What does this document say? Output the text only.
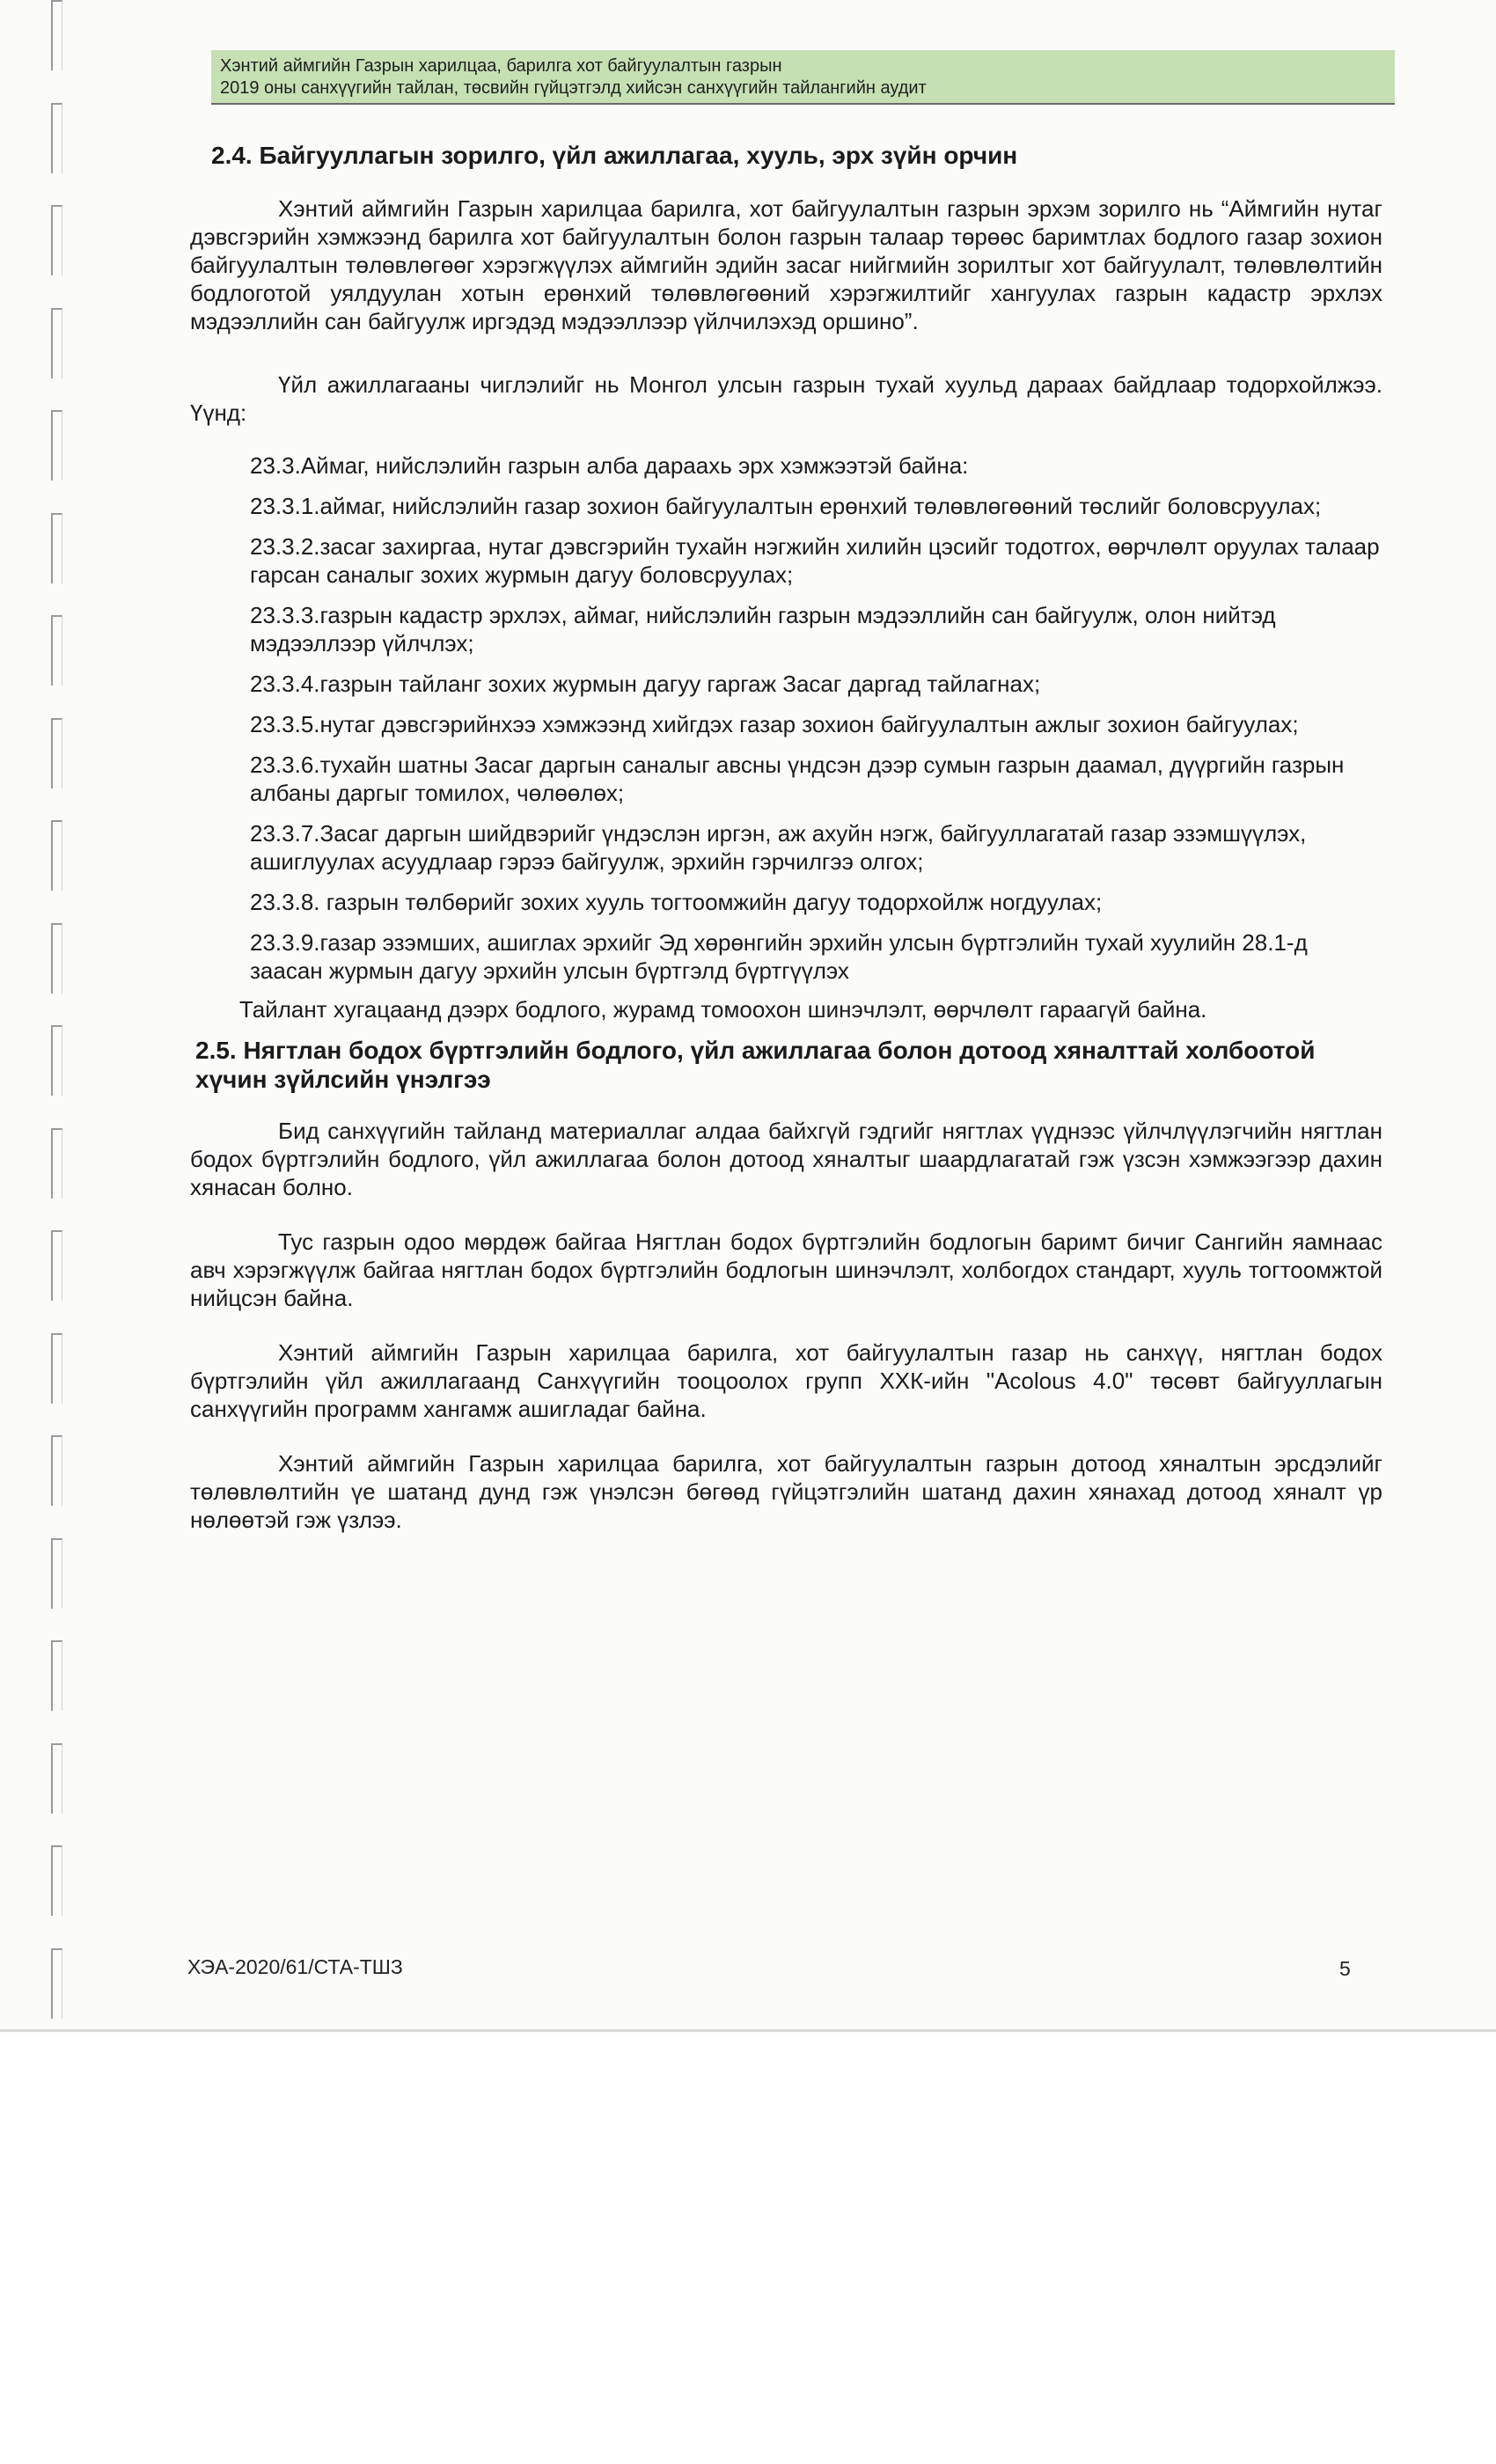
Хэнтий аймгийн Газрын харилцаа, барилга хот байгуулалтын газрын
2019 оны санхүүгийн тайлан, төсвийн гүйцэтгэлд хийсэн санхүүгийн тайлангийн аудит
2.4. Байгууллагын зорилго, үйл ажиллагаа, хууль, эрх зүйн орчин

Хэнтий аймгийн Газрын харилцаа барилга, хот байгуулалтын газрын эрхэм зорилго нь “Аймгийн нутаг дэвсгэрийн хэмжээнд барилга хот байгуулалтын болон газрын талаар төрөөс баримтлах бодлого газар зохион байгуулалтын төлөвлөгөөг хэрэгжүүлэх аймгийн эдийн засаг нийгмийн зорилтыг хот байгуулалт, төлөвлөлтийн бодлоготой уялдуулан хотын ерөнхий төлөвлөгөөний хэрэгжилтийг хангуулах газрын кадастр эрхлэх мэдээллийн сан байгуулж иргэдэд мэдээллээр үйлчилэхэд оршино”.

Үйл ажиллагааны чиглэлийг нь Монгол улсын газрын тухай хуульд дараах байдлаар тодорхойлжээ. Үүнд:

23.3.Аймаг, нийслэлийн газрын алба дараахь эрх хэмжээтэй байна:

23.3.1.аймаг, нийслэлийн газар зохион байгуулалтын ерөнхий төлөвлөгөөний төслийг боловсруулах;

23.3.2.засаг захиргаа, нутаг дэвсгэрийн тухайн нэгжийн хилийн цэсийг тодотгох, өөрчлөлт оруулах талаар гарсан саналыг зохих журмын дагуу боловсруулах;

23.3.3.газрын кадастр эрхлэх, аймаг, нийслэлийн газрын мэдээллийн сан байгуулж, олон нийтэд мэдээллээр үйлчлэх;

23.3.4.газрын тайланг зохих журмын дагуу гаргаж Засаг даргад тайлагнах;

23.3.5.нутаг дэвсгэрийнхээ хэмжээнд хийгдэх газар зохион байгуулалтын ажлыг зохион байгуулах;

23.3.6.тухайн шатны Засаг даргын саналыг авсны үндсэн дээр сумын газрын даамал, дүүргийн газрын албаны даргыг томилох, чөлөөлөх;

23.3.7.Засаг даргын шийдвэрийг үндэслэн иргэн, аж ахуйн нэгж, байгууллагатай газар эзэмшүүлэх, ашиглуулах асуудлаар гэрээ байгуулж, эрхийн гэрчилгээ олгох;

23.3.8. газрын төлбөрийг зохих хууль тогтоомжийн дагуу тодорхойлж ногдуулах;

23.3.9.газар эзэмших, ашиглах эрхийг Эд хөрөнгийн эрхийн улсын бүртгэлийн тухай хуулийн 28.1-д заасан журмын дагуу эрхийн улсын бүртгэлд бүртгүүлэх

Тайлант хугацаанд дээрх бодлого, журамд томоохон шинэчлэлт, өөрчлөлт гараагүй байна.

2.5. Нягтлан бодох бүртгэлийн бодлого, үйл ажиллагаа болон дотоод хяналттай холбоотой хүчин зүйлсийн үнэлгээ

Бид санхүүгийн тайланд материаллаг алдаа байхгүй гэдгийг нягтлах үүднээс үйлчлүүлэгчийн нягтлан бодох бүртгэлийн бодлого, үйл ажиллагаа болон дотоод хяналтыг шаардлагатай гэж үзсэн хэмжээгээр дахин хянасан болно.

Тус газрын одоо мөрдөж байгаа Нягтлан бодох бүртгэлийн бодлогын баримт бичиг Сангийн яамнаас авч хэрэгжүүлж байгаа нягтлан бодох бүртгэлийн бодлогын шинэчлэлт, холбогдох стандарт, хууль тогтоомжтой нийцсэн байна.

Хэнтий аймгийн Газрын харилцаа барилга, хот байгуулалтын газар нь санхүү, нягтлан бодох бүртгэлийн үйл ажиллагаанд Санхүүгийн тооцоолох групп ХХК-ийн "Acolous 4.0" төсөвт байгууллагын санхүүгийн программ хангамж ашигладаг байна.

Хэнтий аймгийн Газрын харилцаа барилга, хот байгуулалтын газрын дотоод хяналтын эрсдэлийг төлөвлөлтийн үе шатанд дунд гэж үнэлсэн бөгөөд гүйцэтгэлийн шатанд дахин хянахад дотоод хяналт үр нөлөөтэй гэж үзлээ.

ХЭА-2020/61/СТА-ТШЗ	5
